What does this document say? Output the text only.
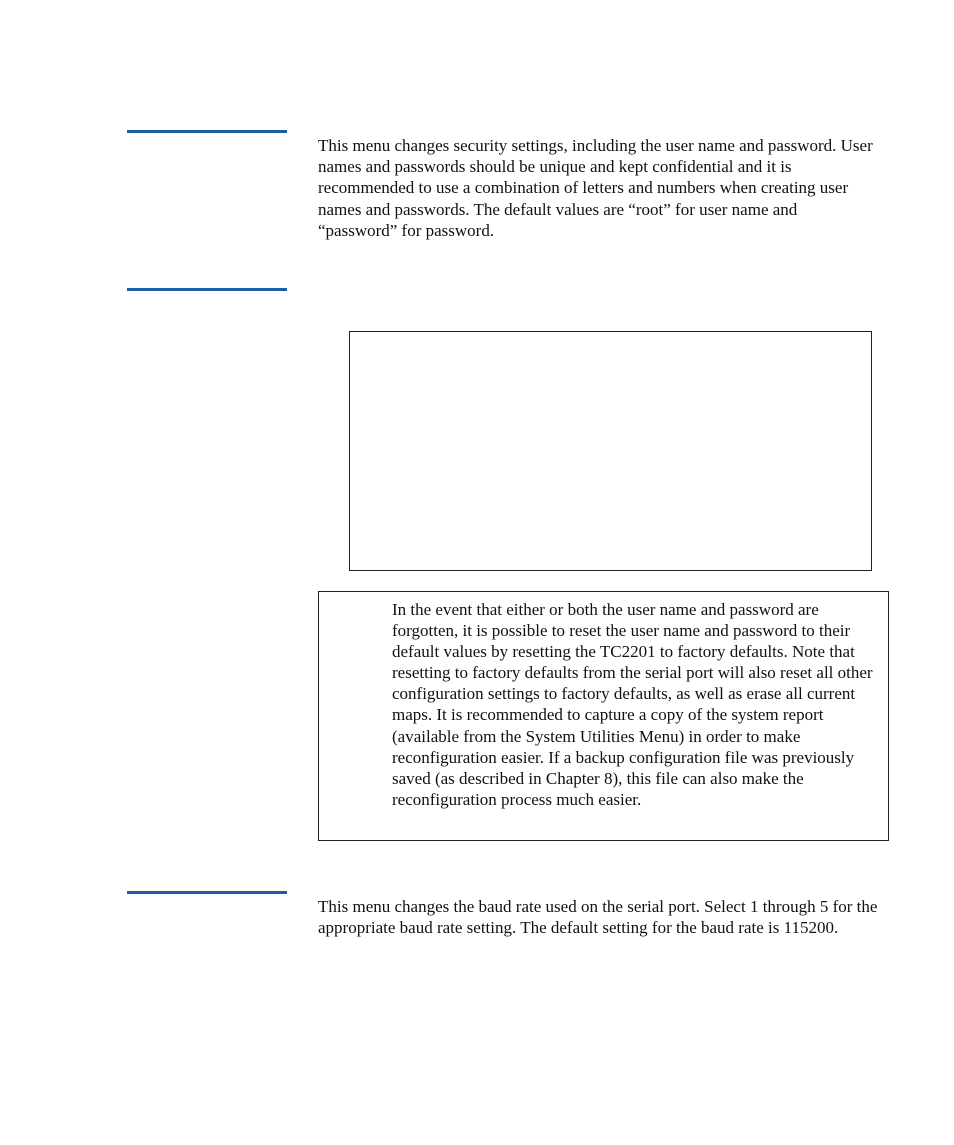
This menu changes security settings, including the user name and password. User names and passwords should be unique and kept confidential and it is recommended to use a combination of letters and numbers when creating user names and passwords. The default values are “root” for user name and “password” for password.

In the event that either or both the user name and password are forgotten, it is possible to reset the user name and password to their default values by resetting the TC2201 to factory defaults. Note that resetting to factory defaults from the serial port will also reset all other configuration settings to factory defaults, as well as erase all current maps. It is recommended to capture a copy of the system report (available from the System Utilities Menu) in order to make reconfiguration easier. If a backup configuration file was previously saved (as described in Chapter 8), this file can also make the reconfiguration process much easier.

This menu changes the baud rate used on the serial port. Select 1 through 5 for the appropriate baud rate setting. The default setting for the baud rate is 115200.
